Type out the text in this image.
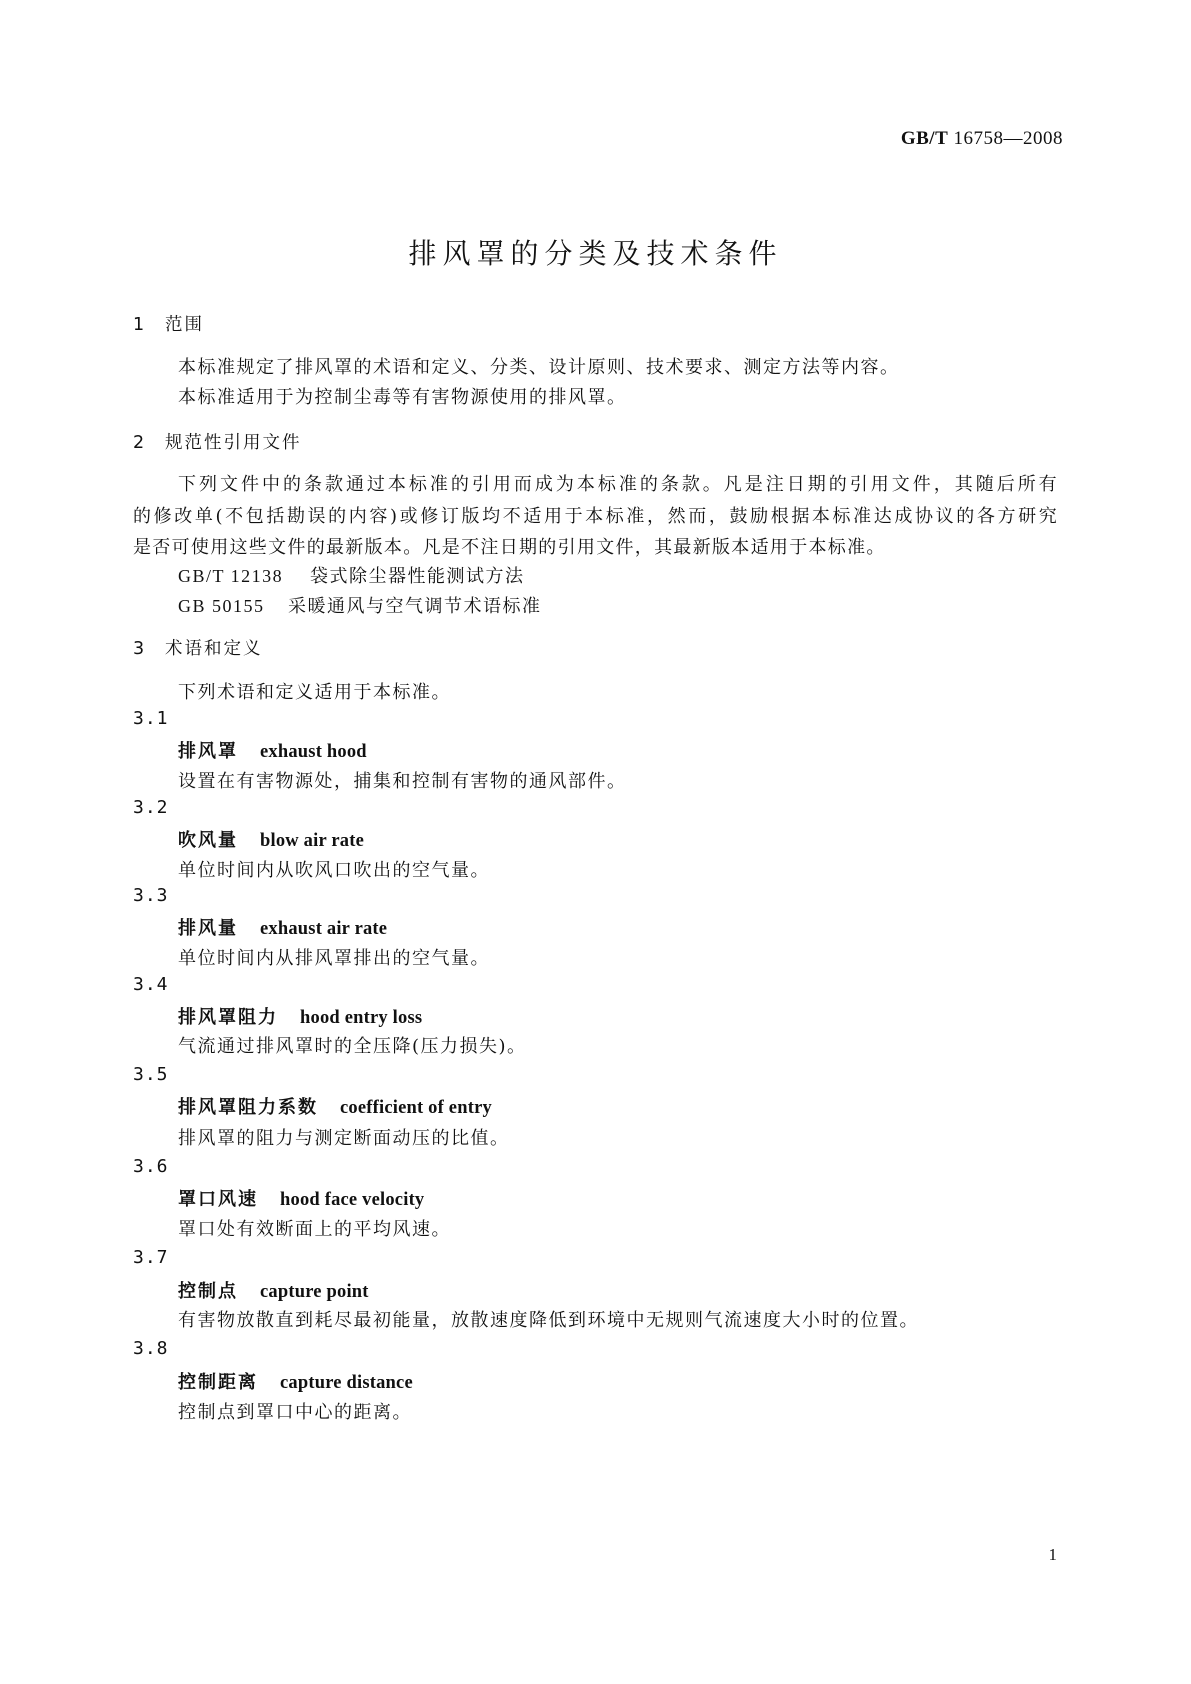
GB/T 16758—2008
排风罩的分类及技术条件
1 范围
本标准规定了排风罩的术语和定义、分类、设计原则、技术要求、测定方法等内容。
本标准适用于为控制尘毒等有害物源使用的排风罩。
2 规范性引用文件
下列文件中的条款通过本标准的引用而成为本标准的条款。凡是注日期的引用文件，其随后所有
的修改单(不包括勘误的内容)或修订版均不适用于本标准，然而，鼓励根据本标准达成协议的各方研究
是否可使用这些文件的最新版本。凡是不注日期的引用文件，其最新版本适用于本标准。
GB/T 12138 袋式除尘器性能测试方法
GB 50155 采暖通风与空气调节术语标准
3 术语和定义
下列术语和定义适用于本标准。
3.1
排风罩 exhaust hood
设置在有害物源处，捕集和控制有害物的通风部件。
3.2
吹风量 blow air rate
单位时间内从吹风口吹出的空气量。
3.3
排风量 exhaust air rate
单位时间内从排风罩排出的空气量。
3.4
排风罩阻力 hood entry loss
气流通过排风罩时的全压降(压力损失)。
3.5
排风罩阻力系数 coefficient of entry
排风罩的阻力与测定断面动压的比值。
3.6
罩口风速 hood face velocity
罩口处有效断面上的平均风速。
3.7
控制点 capture point
有害物放散直到耗尽最初能量，放散速度降低到环境中无规则气流速度大小时的位置。
3.8
控制距离 capture distance
控制点到罩口中心的距离。
1
